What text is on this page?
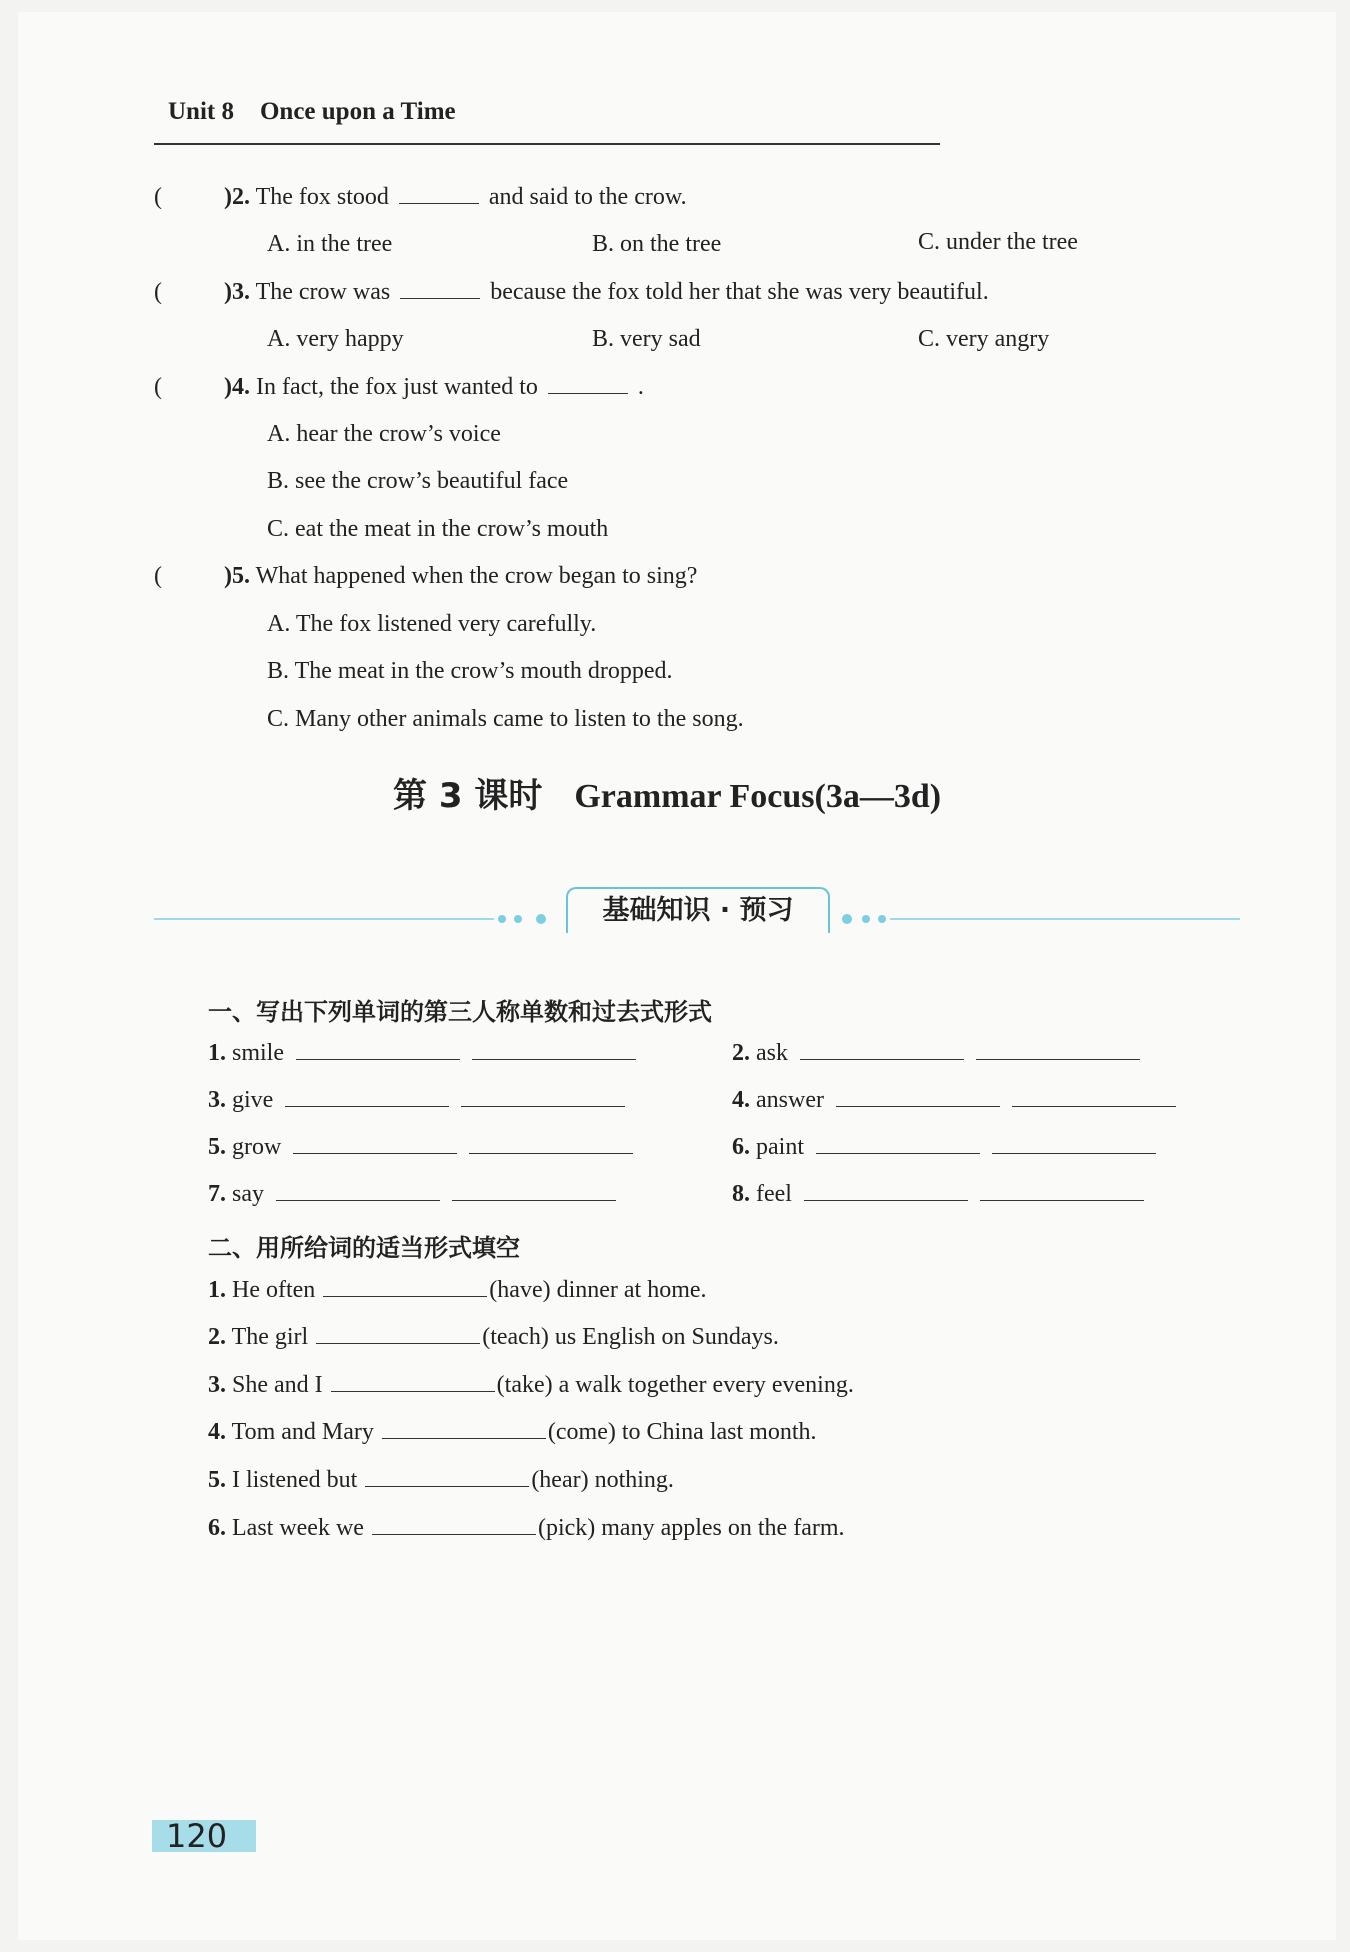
Unit 8 Once upon a Time
(	)2. The fox stood	and said to the crow.
A. in the tree	B. on the tree	C. under the tree
(	)3. The crow was	because the fox told her that she was very beautiful.
A. very happy	B. very sad	C. very angry
(	)4. In fact, the fox just wanted to	.
A. hear the crow’s voice
B. see the crow’s beautiful face
C. eat the meat in the crow’s mouth
(	)5. What happened when the crow began to sing?
A. The fox listened very carefully.
B. The meat in the crow’s mouth dropped.
C. Many other animals came to listen to the song.
第 3 课时 Grammar Focus(3a—3d)
基础知识 · 预习
一、写出下列单词的第三人称单数和过去式形式
1. smile	2. ask
3. give	4. answer
5. grow	6. paint
7. say	8. feel
二、用所给词的适当形式填空
1. He often	(have) dinner at home.
2. The girl	(teach) us English on Sundays.
3. She and I	(take) a walk together every evening.
4. Tom and Mary	(come) to China last month.
5. I listened but	(hear) nothing.
6. Last week we	(pick) many apples on the farm.
120
